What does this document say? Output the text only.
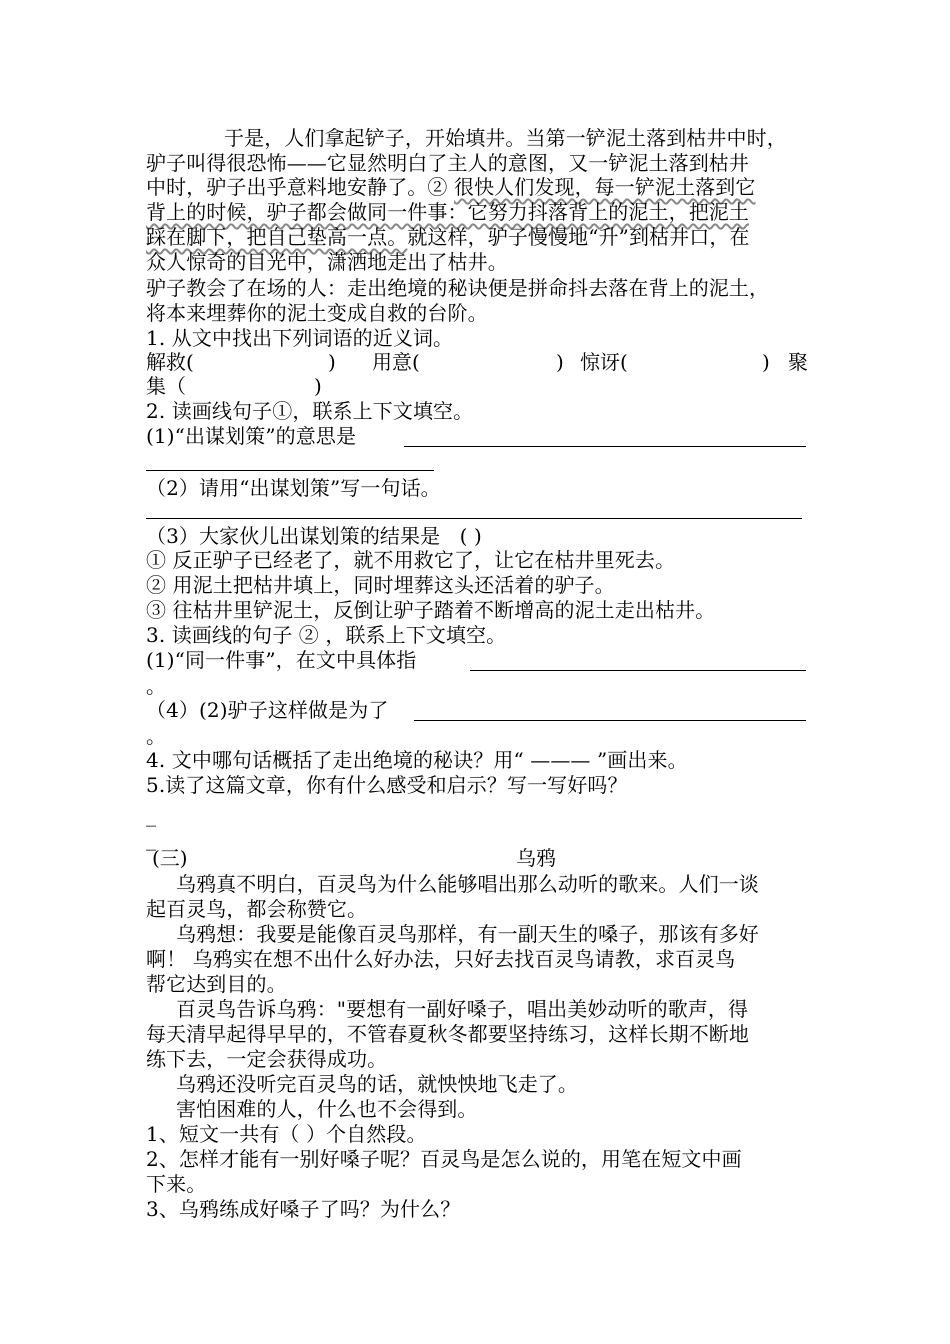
于是，人们拿起铲子，开始填井。当第一铲泥土落到枯井中时，
驴子叫得很恐怖——它显然明白了主人的意图，又一铲泥土落到枯井
中时，驴子出乎意料地安静了。② 很快人们发现，每一铲泥土落到它
背上的时候，驴子都会做同一件事：它努力抖落背上的泥土，把泥土
踩在脚下，把自己垫高一点。就这样，驴子慢慢地“升”到枯井口，在
众人惊奇的目光中，潇洒地走出了枯井。
驴子教会了在场的人：走出绝境的秘诀便是拼命抖去落在背上的泥土，
将本来埋葬你的泥土变成自救的台阶。
1. 从文中找出下列词语的近义词。
解救(	) 用意(	) 惊讶(	) 聚
集（	)
2. 读画线句子①，联系上下文填空。
(1)“出谋划策”的意思是
（2）请用“出谋划策”写一句话。
（3）大家伙儿出谋划策的结果是 ( )
① 反正驴子已经老了，就不用救它了，让它在枯井里死去。
② 用泥土把枯井填上，同时埋葬这头还活着的驴子。
③ 往枯井里铲泥土，反倒让驴子踏着不断增高的泥土走出枯井。
3. 读画线的句子 ② ，联系上下文填空。
(1)“同一件事”，在文中具体指
。
（4）(2)驴子这样做是为了
。
4. 文中哪句话概括了走出绝境的秘诀？用“ ——— ”画出来。
5.读了这篇文章，你有什么感受和启示？写一写好吗？
_
_
(三)	乌鸦
乌鸦真不明白，百灵鸟为什么能够唱出那么动听的歌来。人们一谈
起百灵鸟，都会称赞它。
乌鸦想：我要是能像百灵鸟那样，有一副天生的嗓子，那该有多好
啊！ 乌鸦实在想不出什么好办法，只好去找百灵鸟请教，求百灵鸟
帮它达到目的。
百灵鸟告诉乌鸦："要想有一副好嗓子，唱出美妙动听的歌声，得
每天清早起得早早的，不管春夏秋冬都要坚持练习，这样长期不断地
练下去，一定会获得成功。
乌鸦还没听完百灵鸟的话，就怏怏地飞走了。
害怕困难的人，什么也不会得到。
1、短文一共有（ ）个自然段。
2、怎样才能有一别好嗓子呢？百灵鸟是怎么说的，用笔在短文中画
下来。
3、乌鸦练成好嗓子了吗？为什么？
